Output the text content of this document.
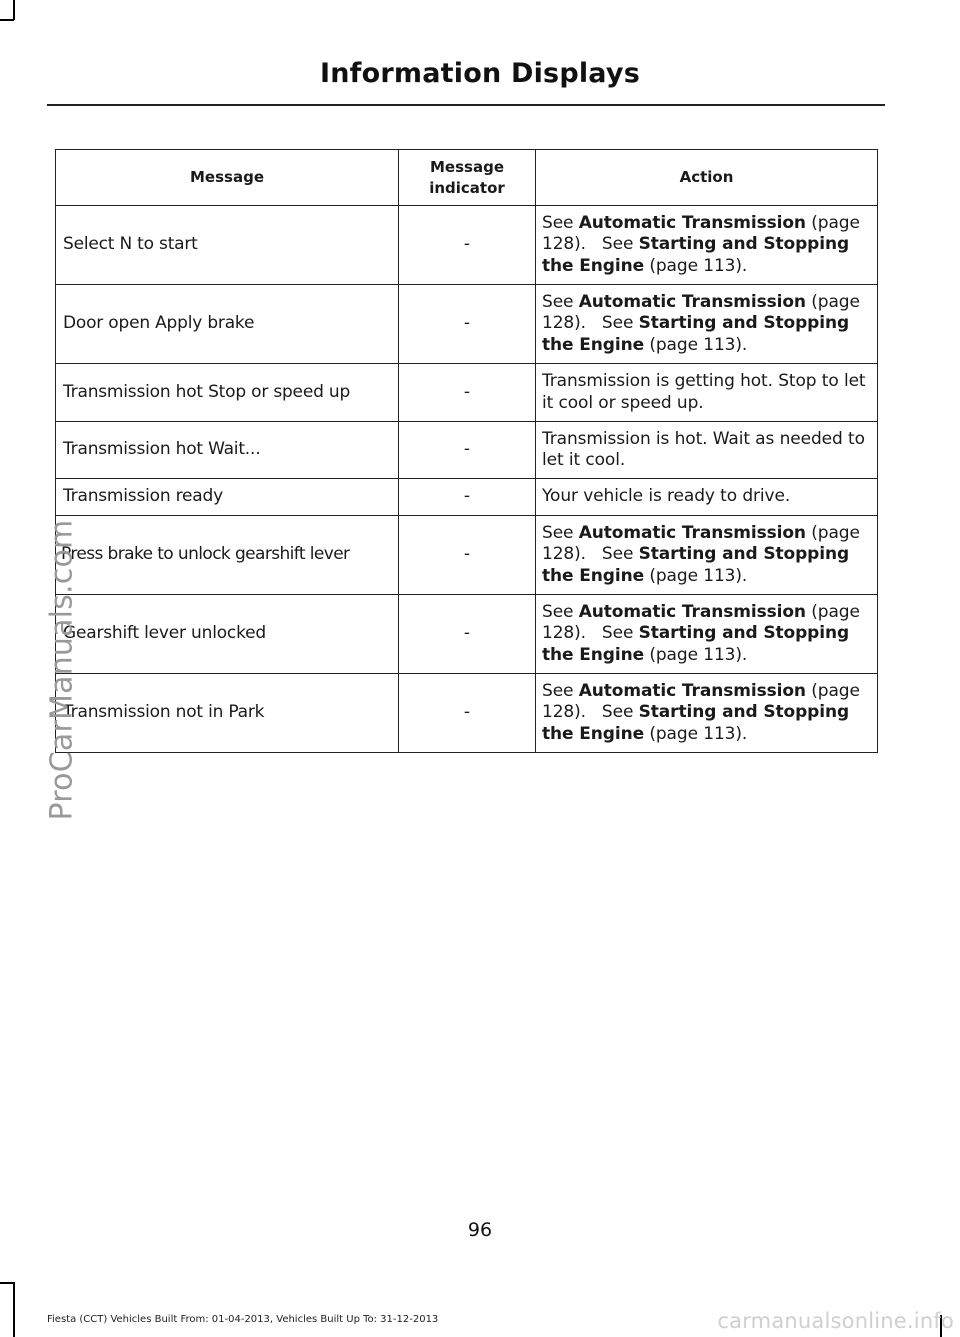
Information Displays
Message	Message indicator	Action
Select N to start	-	See Automatic Transmission (page 128). See Starting and Stopping the Engine (page 113).
Door open Apply brake	-	See Automatic Transmission (page 128). See Starting and Stopping the Engine (page 113).
Transmission hot Stop or speed up	-	Transmission is getting hot. Stop to let it cool or speed up.
Transmission hot Wait...	-	Transmission is hot. Wait as needed to let it cool.
Transmission ready	-	Your vehicle is ready to drive.
Press brake to unlock gearshift lever	-	See Automatic Transmission (page 128). See Starting and Stopping the Engine (page 113).
Gearshift lever unlocked	-	See Automatic Transmission (page 128). See Starting and Stopping the Engine (page 113).
Transmission not in Park	-	See Automatic Transmission (page 128). See Starting and Stopping the Engine (page 113).
ProCarManuals.com
96
Fiesta (CCT) Vehicles Built From: 01-04-2013, Vehicles Built Up To: 31-12-2013	carmanualsonline.info
